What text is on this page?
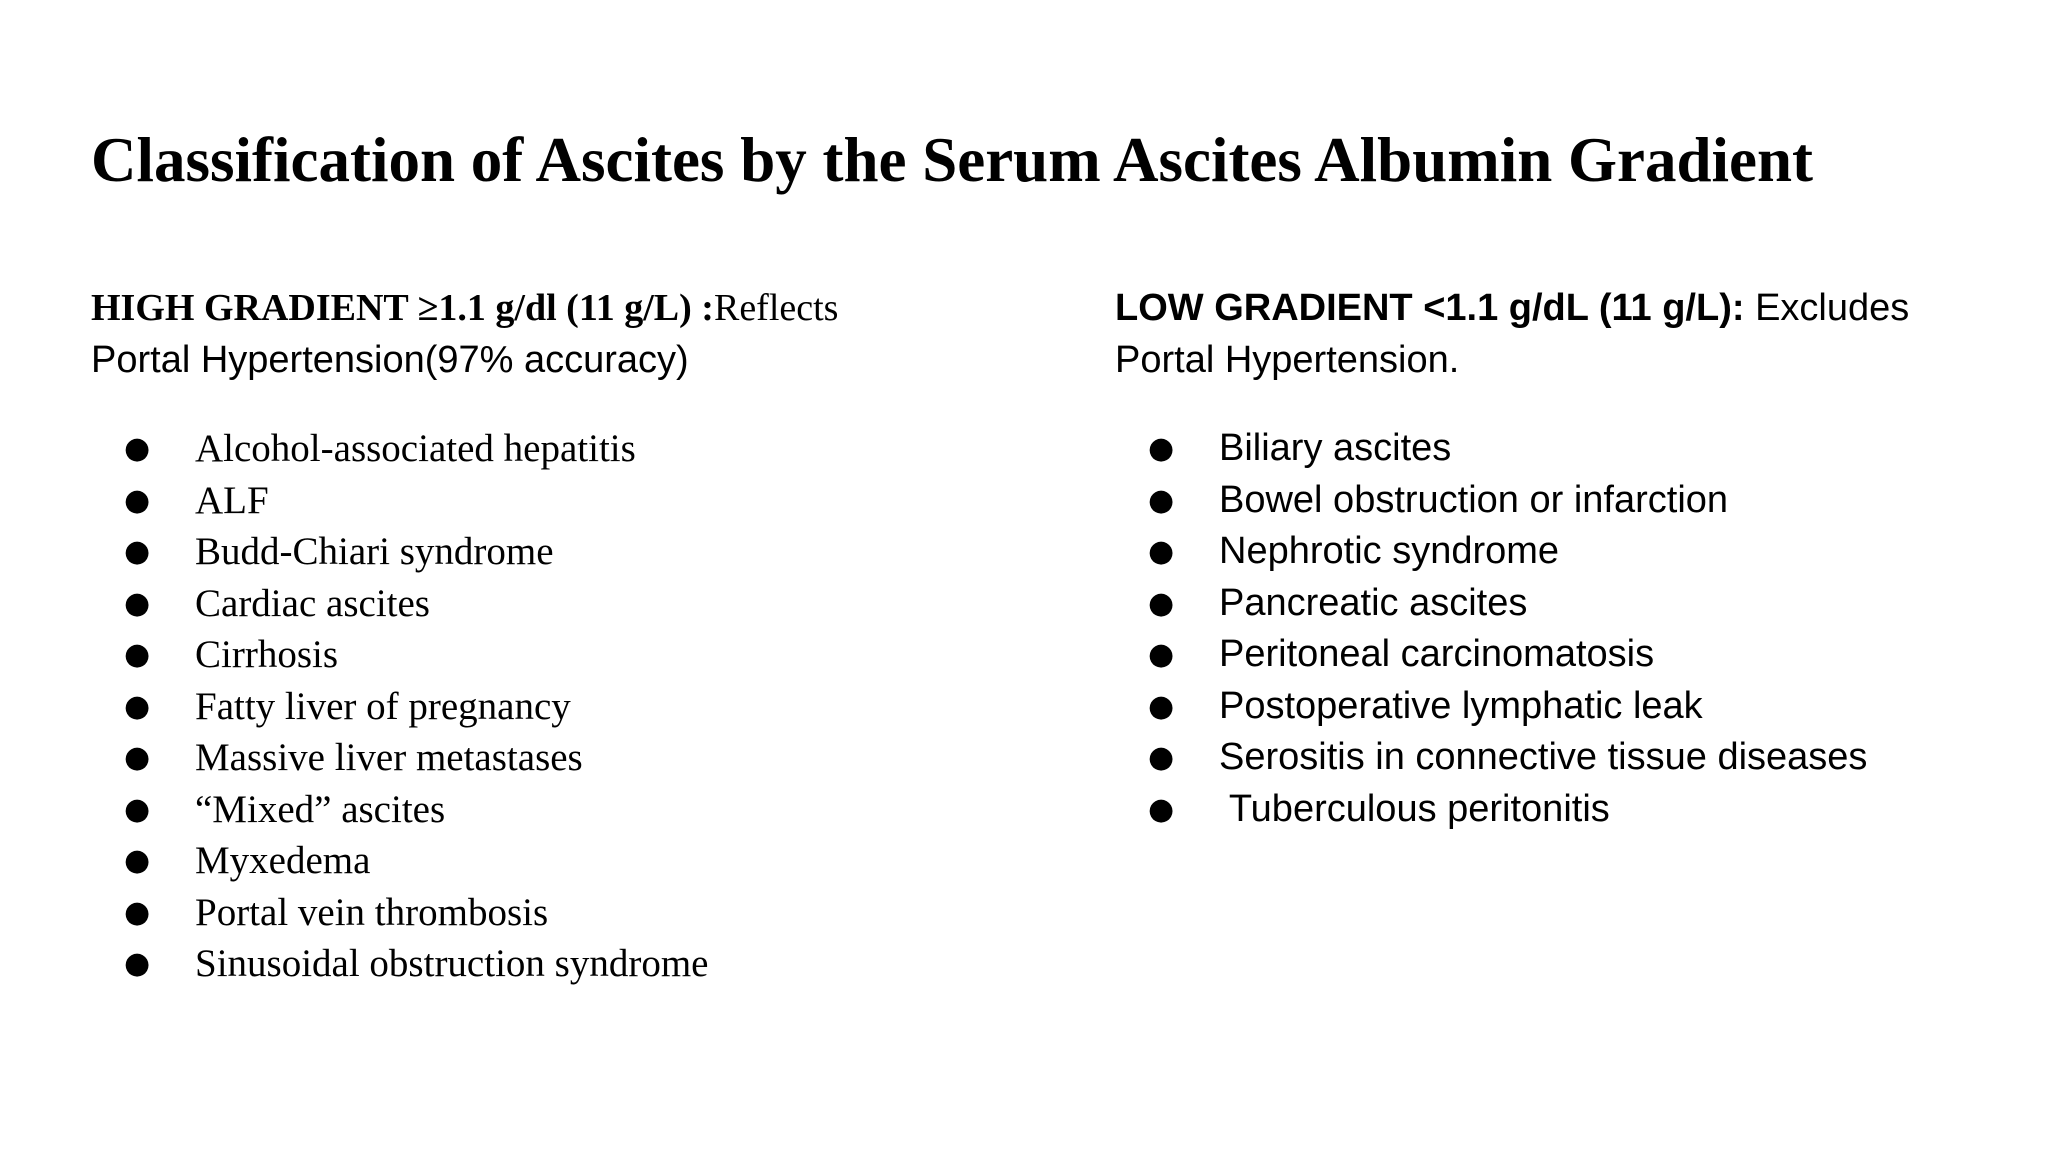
Classification of Ascites by the Serum Ascites Albumin Gradient

HIGH GRADIENT ≥1.1 g/dl (11 g/L) :Reflects
Portal Hypertension(97% accuracy)

● Alcohol-associated hepatitis
● ALF
● Budd-Chiari syndrome
● Cardiac ascites
● Cirrhosis
● Fatty liver of pregnancy
● Massive liver metastases
● “Mixed” ascites
● Myxedema
● Portal vein thrombosis
● Sinusoidal obstruction syndrome

LOW GRADIENT <1.1 g/dL (11 g/L): Excludes
Portal Hypertension.

● Biliary ascites
● Bowel obstruction or infarction
● Nephrotic syndrome
● Pancreatic ascites
● Peritoneal carcinomatosis
● Postoperative lymphatic leak
● Serositis in connective tissue diseases
● Tuberculous peritonitis
